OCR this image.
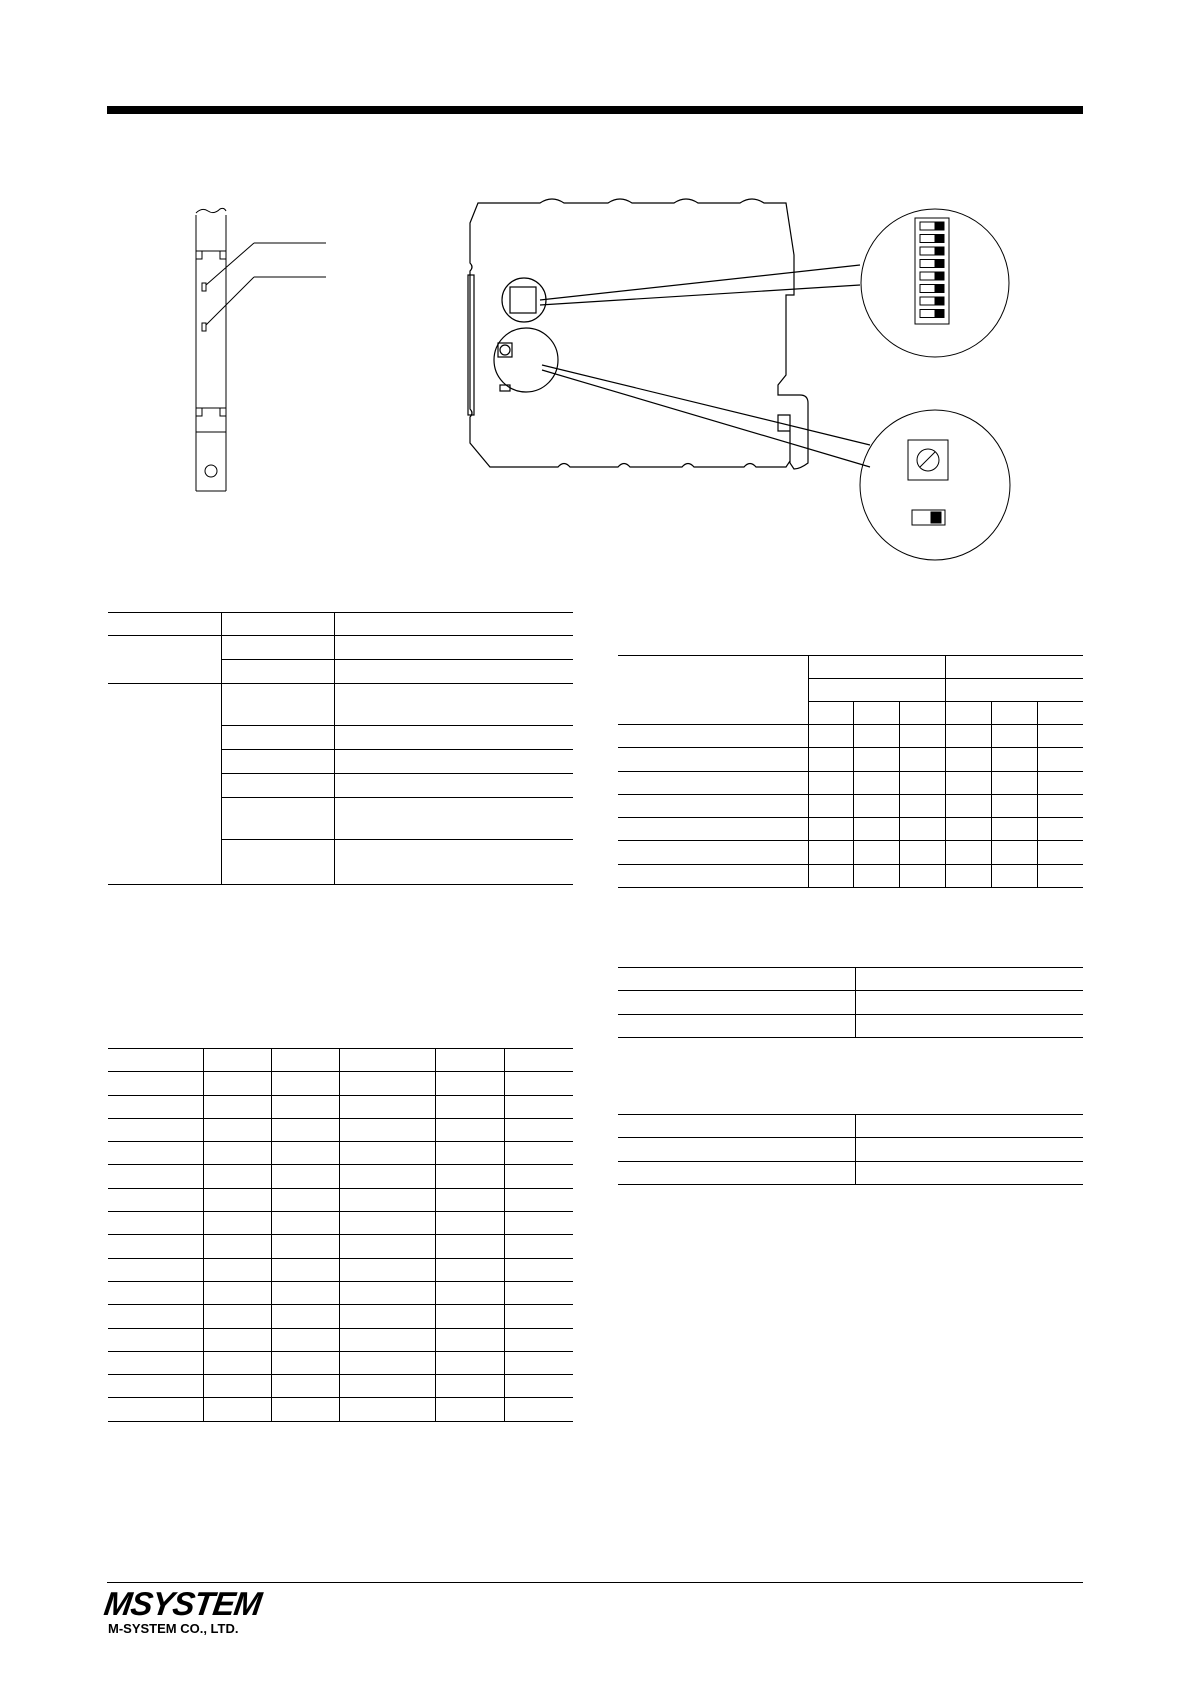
MSYSTEM
M-SYSTEM CO., LTD.
